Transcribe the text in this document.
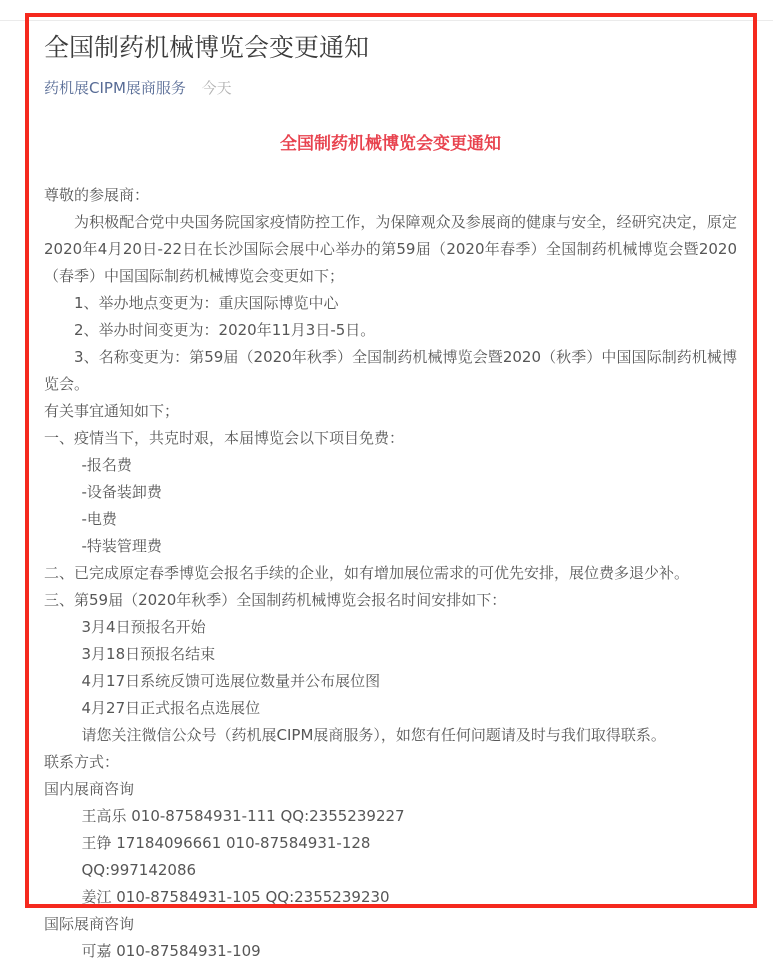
全国制药机械博览会变更通知
药机展CIPM展商服务 今天
全国制药机械博览会变更通知

尊敬的参展商：

为积极配合党中央国务院国家疫情防控工作，为保障观众及参展商的健康与安全，经研究决定，原定2020年4月20日-22日在长沙国际会展中心举办的第59届（2020年春季）全国制药机械博览会暨2020（春季）中国国际制药机械博览会变更如下；

1、举办地点变更为：重庆国际博览中心

2、举办时间变更为：2020年11月3日-5日。

3、名称变更为：第59届（2020年秋季）全国制药机械博览会暨2020（秋季）中国国际制药机械博览会。

有关事宜通知如下；

一、疫情当下，共克时艰，本届博览会以下项目免费：

-报名费

-设备装卸费

-电费

-特装管理费

二、已完成原定春季博览会报名手续的企业，如有增加展位需求的可优先安排，展位费多退少补。

三、第59届（2020年秋季）全国制药机械博览会报名时间安排如下：

3月4日预报名开始

3月18日预报名结束

4月17日系统反馈可选展位数量并公布展位图

4月27日正式报名点选展位

请您关注微信公众号（药机展CIPM展商服务），如您有任何问题请及时与我们取得联系。

联系方式：

国内展商咨询

王高乐 010-87584931-111 QQ:2355239227

王铮 17184096661 010-87584931-128

QQ:997142086

姜江 010-87584931-105 QQ:2355239230

国际展商咨询

可嘉 010-87584931-109
